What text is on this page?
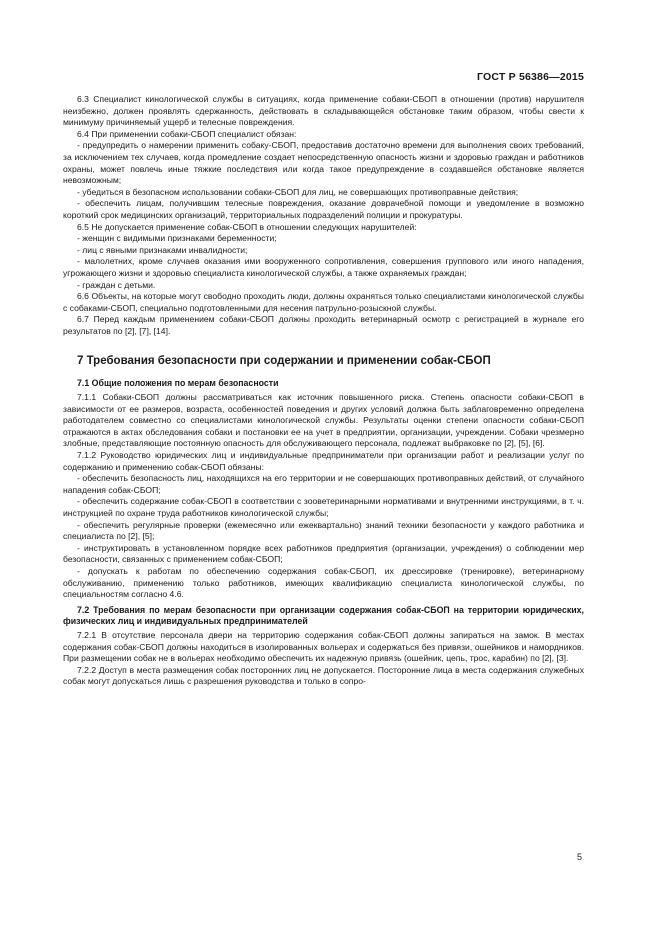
ГОСТ Р 56386—2015
6.3 Специалист кинологической службы в ситуациях, когда применение собаки-СБОП в отношении (против) нарушителя неизбежно, должен проявлять сдержанность, действовать в складывающейся обстановке таким образом, чтобы свести к минимуму причиняемый ущерб и телесные повреждения.
6.4 При применении собаки-СБОП специалист обязан:
- предупредить о намерении применить собаку-СБОП, предоставив достаточно времени для выполнения своих требований, за исключением тех случаев, когда промедление создает непосредственную опасность жизни и здоровью граждан и работников охраны, может повлечь иные тяжкие последствия или когда такое предупреждение в создавшейся обстановке является невозможным;
- убедиться в безопасном использовании собаки-СБОП для лиц, не совершающих противоправные действия;
- обеспечить лицам, получившим телесные повреждения, оказание доврачебной помощи и уведомление в возможно короткий срок медицинских организаций, территориальных подразделений полиции и прокуратуры.
6.5 Не допускается применение собак-СБОП в отношении следующих нарушителей:
- женщин с видимыми признаками беременности;
- лиц с явными признаками инвалидности;
- малолетних, кроме случаев оказания ими вооруженного сопротивления, совершения группового или иного нападения, угрожающего жизни и здоровью специалиста кинологической службы, а также охраняемых граждан;
- граждан с детьми.
6.6 Объекты, на которые могут свободно проходить люди, должны охраняться только специалистами кинологической службы с собаками-СБОП, специально подготовленными для несения патрульно-розыскной службы.
6.7 Перед каждым применением собаки-СБОП должны проходить ветеринарный осмотр с регистрацией в журнале его результатов по [2], [7], [14].
7 Требования безопасности при содержании и применении собак-СБОП
7.1 Общие положения по мерам безопасности
7.1.1 Собаки-СБОП должны рассматриваться как источник повышенного риска. Степень опасности собаки-СБОП в зависимости от ее размеров, возраста, особенностей поведения и других условий должна быть заблаговременно определена работодателем совместно со специалистами кинологической службы. Результаты оценки степени опасности собаки-СБОП отражаются в актах обследования собаки и постановки ее на учет в предприятии, организации, учреждении. Собаки чрезмерно злобные, представляющие постоянную опасность для обслуживающего персонала, подлежат выбраковке по [2], [5], [6].
7.1.2 Руководство юридических лиц и индивидуальные предприниматели при организации работ и реализации услуг по содержанию и применению собак-СБОП обязаны:
- обеспечить безопасность лиц, находящихся на его территории и не совершающих противоправных действий, от случайного нападения собак-СБОП;
- обеспечить содержание собак-СБОП в соответствии с зооветеринарными нормативами и внутренними инструкциями, в т. ч. инструкцией по охране труда работников кинологической службы;
- обеспечить регулярные проверки (ежемесячно или ежеквартально) знаний техники безопасности у каждого работника и специалиста по [2], [5];
- инструктировать в установленном порядке всех работников предприятия (организации, учреждения) о соблюдении мер безопасности, связанных с применением собак-СБОП;
- допускать к работам по обеспечению содержания собак-СБОП, их дрессировке (тренировке), ветеринарному обслуживанию, применению только работников, имеющих квалификацию специалиста кинологической службы, по специальностям согласно 4.6.
7.2 Требования по мерам безопасности при организации содержания собак-СБОП на территории юридических, физических лиц и индивидуальных предпринимателей
7.2.1 В отсутствие персонала двери на территорию содержания собак-СБОП должны запираться на замок. В местах содержания собак-СБОП должны находиться в изолированных вольерах и содержаться без привязи, ошейников и намордников. При размещении собак не в вольерах необходимо обеспечить их надежную привязь (ошейник, цепь, трос, карабин) по [2], [3].
7.2.2 Доступ в места размещения собак посторонних лиц не допускается. Посторонние лица в места содержания служебных собак могут допускаться лишь с разрешения руководства и только в сопро-
5
